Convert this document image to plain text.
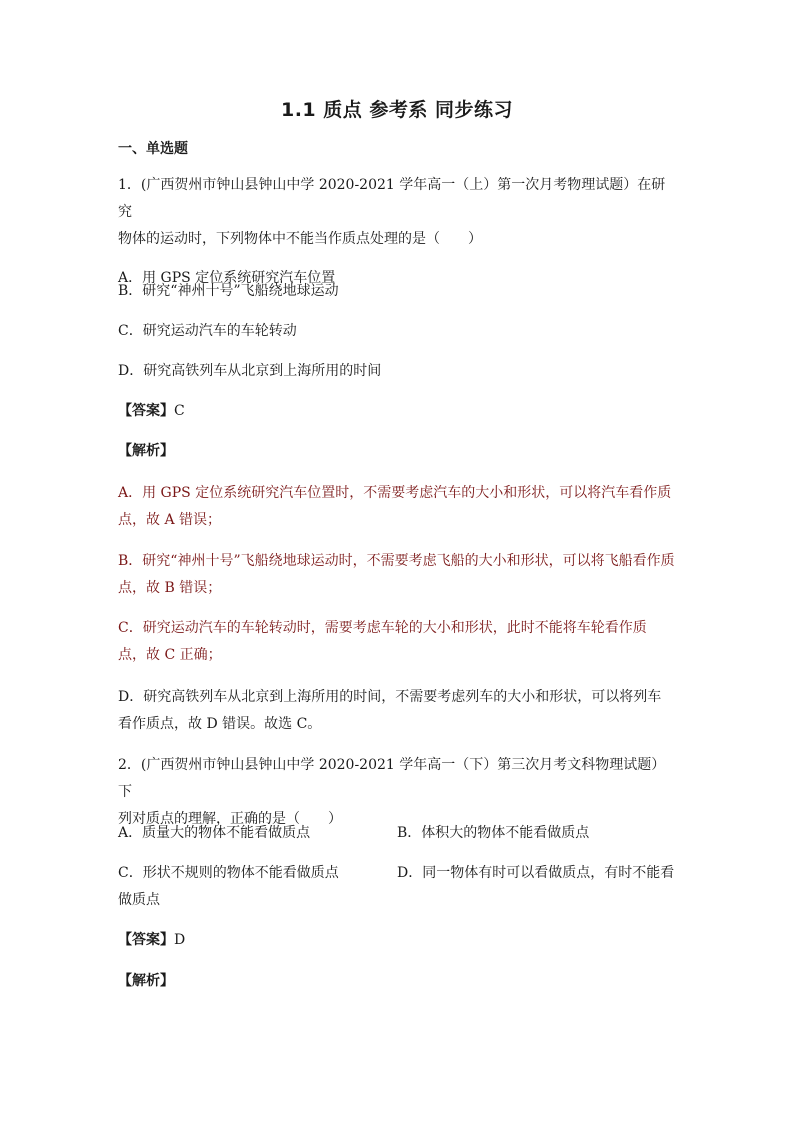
1.1 质点 参考系 同步练习
一、单选题
1．(广西贺州市钟山县钟山中学 2020-2021 学年高一（上）第一次月考物理试题）在研究
物体的运动时，下列物体中不能当作质点处理的是（　　）
A．用 GPS 定位系统研究汽车位置
B．研究“神州十号”飞船绕地球运动
C．研究运动汽车的车轮转动
D．研究高铁列车从北京到上海所用的时间
【答案】C
【解析】
A．用 GPS 定位系统研究汽车位置时，不需要考虑汽车的大小和形状，可以将汽车看作质
点，故 A 错误；
B．研究“神州十号”飞船绕地球运动时，不需要考虑飞船的大小和形状，可以将飞船看作质
点，故 B 错误；
C．研究运动汽车的车轮转动时，需要考虑车轮的大小和形状，此时不能将车轮看作质
点，故 C 正确；
D．研究高铁列车从北京到上海所用的时间，不需要考虑列车的大小和形状，可以将列车
看作质点，故 D 错误。故选 C。
2．(广西贺州市钟山县钟山中学 2020-2021 学年高一（下）第三次月考文科物理试题）下
列对质点的理解，正确的是（　　）
A．质量大的物体不能看做质点	B．体积大的物体不能看做质点
C．形状不规则的物体不能看做质点	D．同一物体有时可以看做质点，有时不能看
做质点
【答案】D
【解析】
